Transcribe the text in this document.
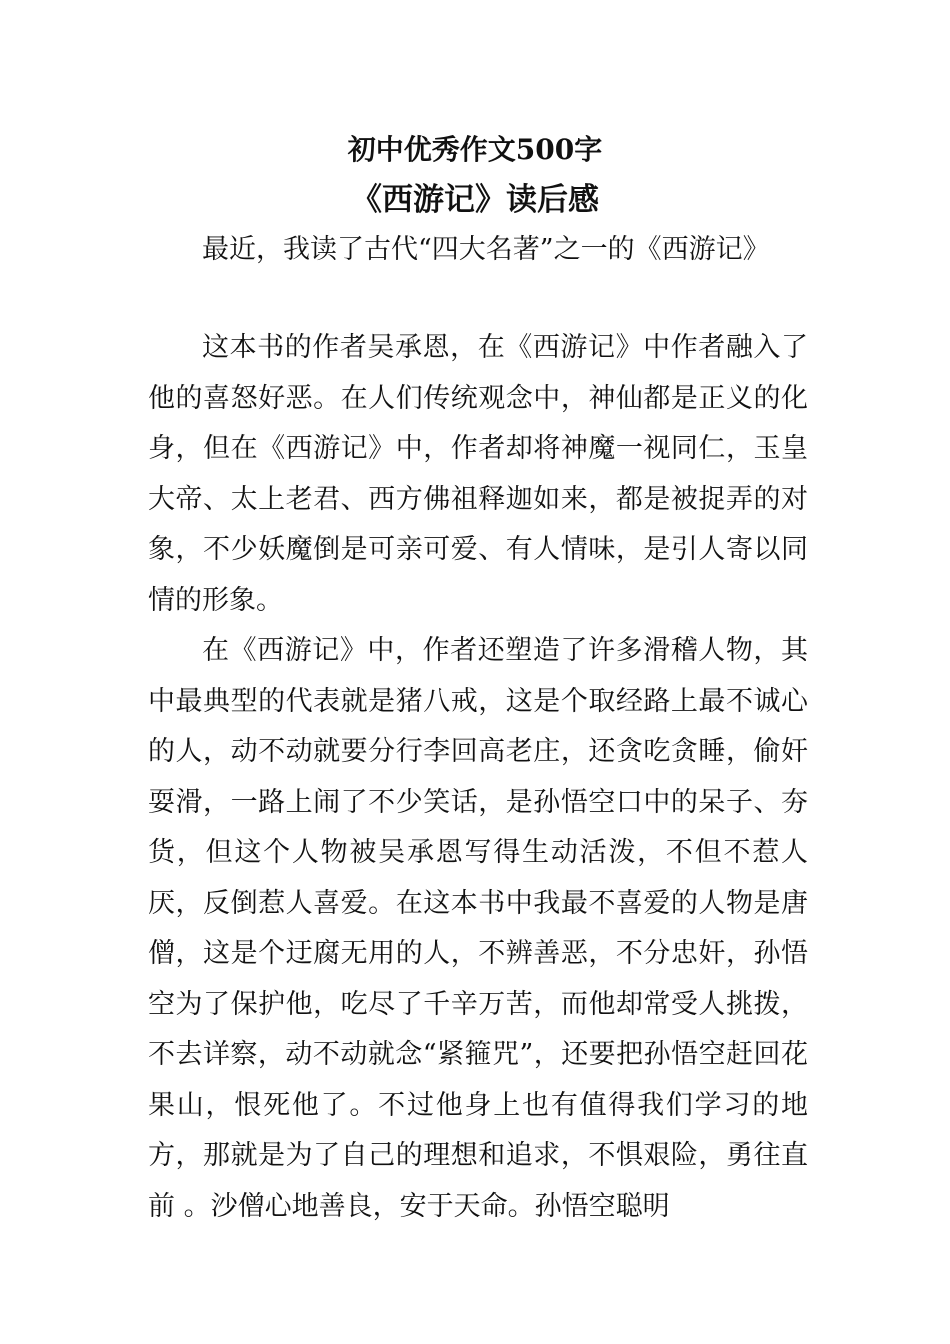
初中优秀作文500字
《西游记》读后感
最近，我读了古代“四大名著”之一的《西游记》

这本书的作者吴承恩，在《西游记》中作者融入了他的喜怒好恶。在人们传统观念中，神仙都是正义的化身，但在《西游记》中，作者却将神魔一视同仁，玉皇大帝、太上老君、西方佛祖释迦如来，都是被捉弄的对象，不少妖魔倒是可亲可爱、有人情味，是引人寄以同情的形象。

在《西游记》中，作者还塑造了许多滑稽人物，其中最典型的代表就是猪八戒，这是个取经路上最不诚心的人，动不动就要分行李回高老庄，还贪吃贪睡，偷奸耍滑，一路上闹了不少笑话，是孙悟空口中的呆子、夯货，但这个人物被吴承恩写得生动活泼，不但不惹人厌，反倒惹人喜爱。在这本书中我最不喜爱的人物是唐僧，这是个迂腐无用的人，不辨善恶，不分忠奸，孙悟空为了保护他，吃尽了千辛万苦，而他却常受人挑拨，不去详察，动不动就念“紧箍咒”，还要把孙悟空赶回花果山，恨死他了。不过他身上也有值得我们学习的地方，那就是为了自己的理想和追求，不惧艰险，勇往直前 。沙僧心地善良，安于天命。孙悟空聪明
